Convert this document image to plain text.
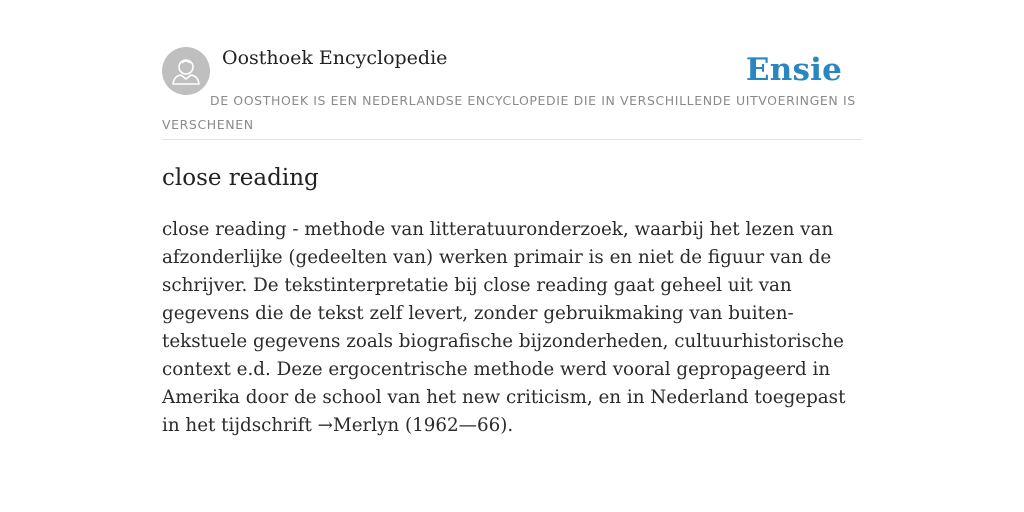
Oosthoek Encyclopedie	Ensie
DE OOSTHOEK IS EEN NEDERLANDSE ENCYCLOPEDIE DIE IN VERSCHILLENDE UITVOERINGEN IS VERSCHENEN
close reading

close reading - methode van litteratuuronderzoek, waarbij het lezen van afzonderlijke (gedeelten van) werken primair is en niet de figuur van de schrijver. De tekstinterpretatie bij close reading gaat geheel uit van gegevens die de tekst zelf levert, zonder gebruikmaking van buiten-tekstuele gegevens zoals biografische bijzonderheden, cultuurhistorische context e.d. Deze ergocentrische methode werd vooral gepropageerd in Amerika door de school van het new criticism, en in Nederland toegepast in het tijdschrift →Merlyn (1962—66).
